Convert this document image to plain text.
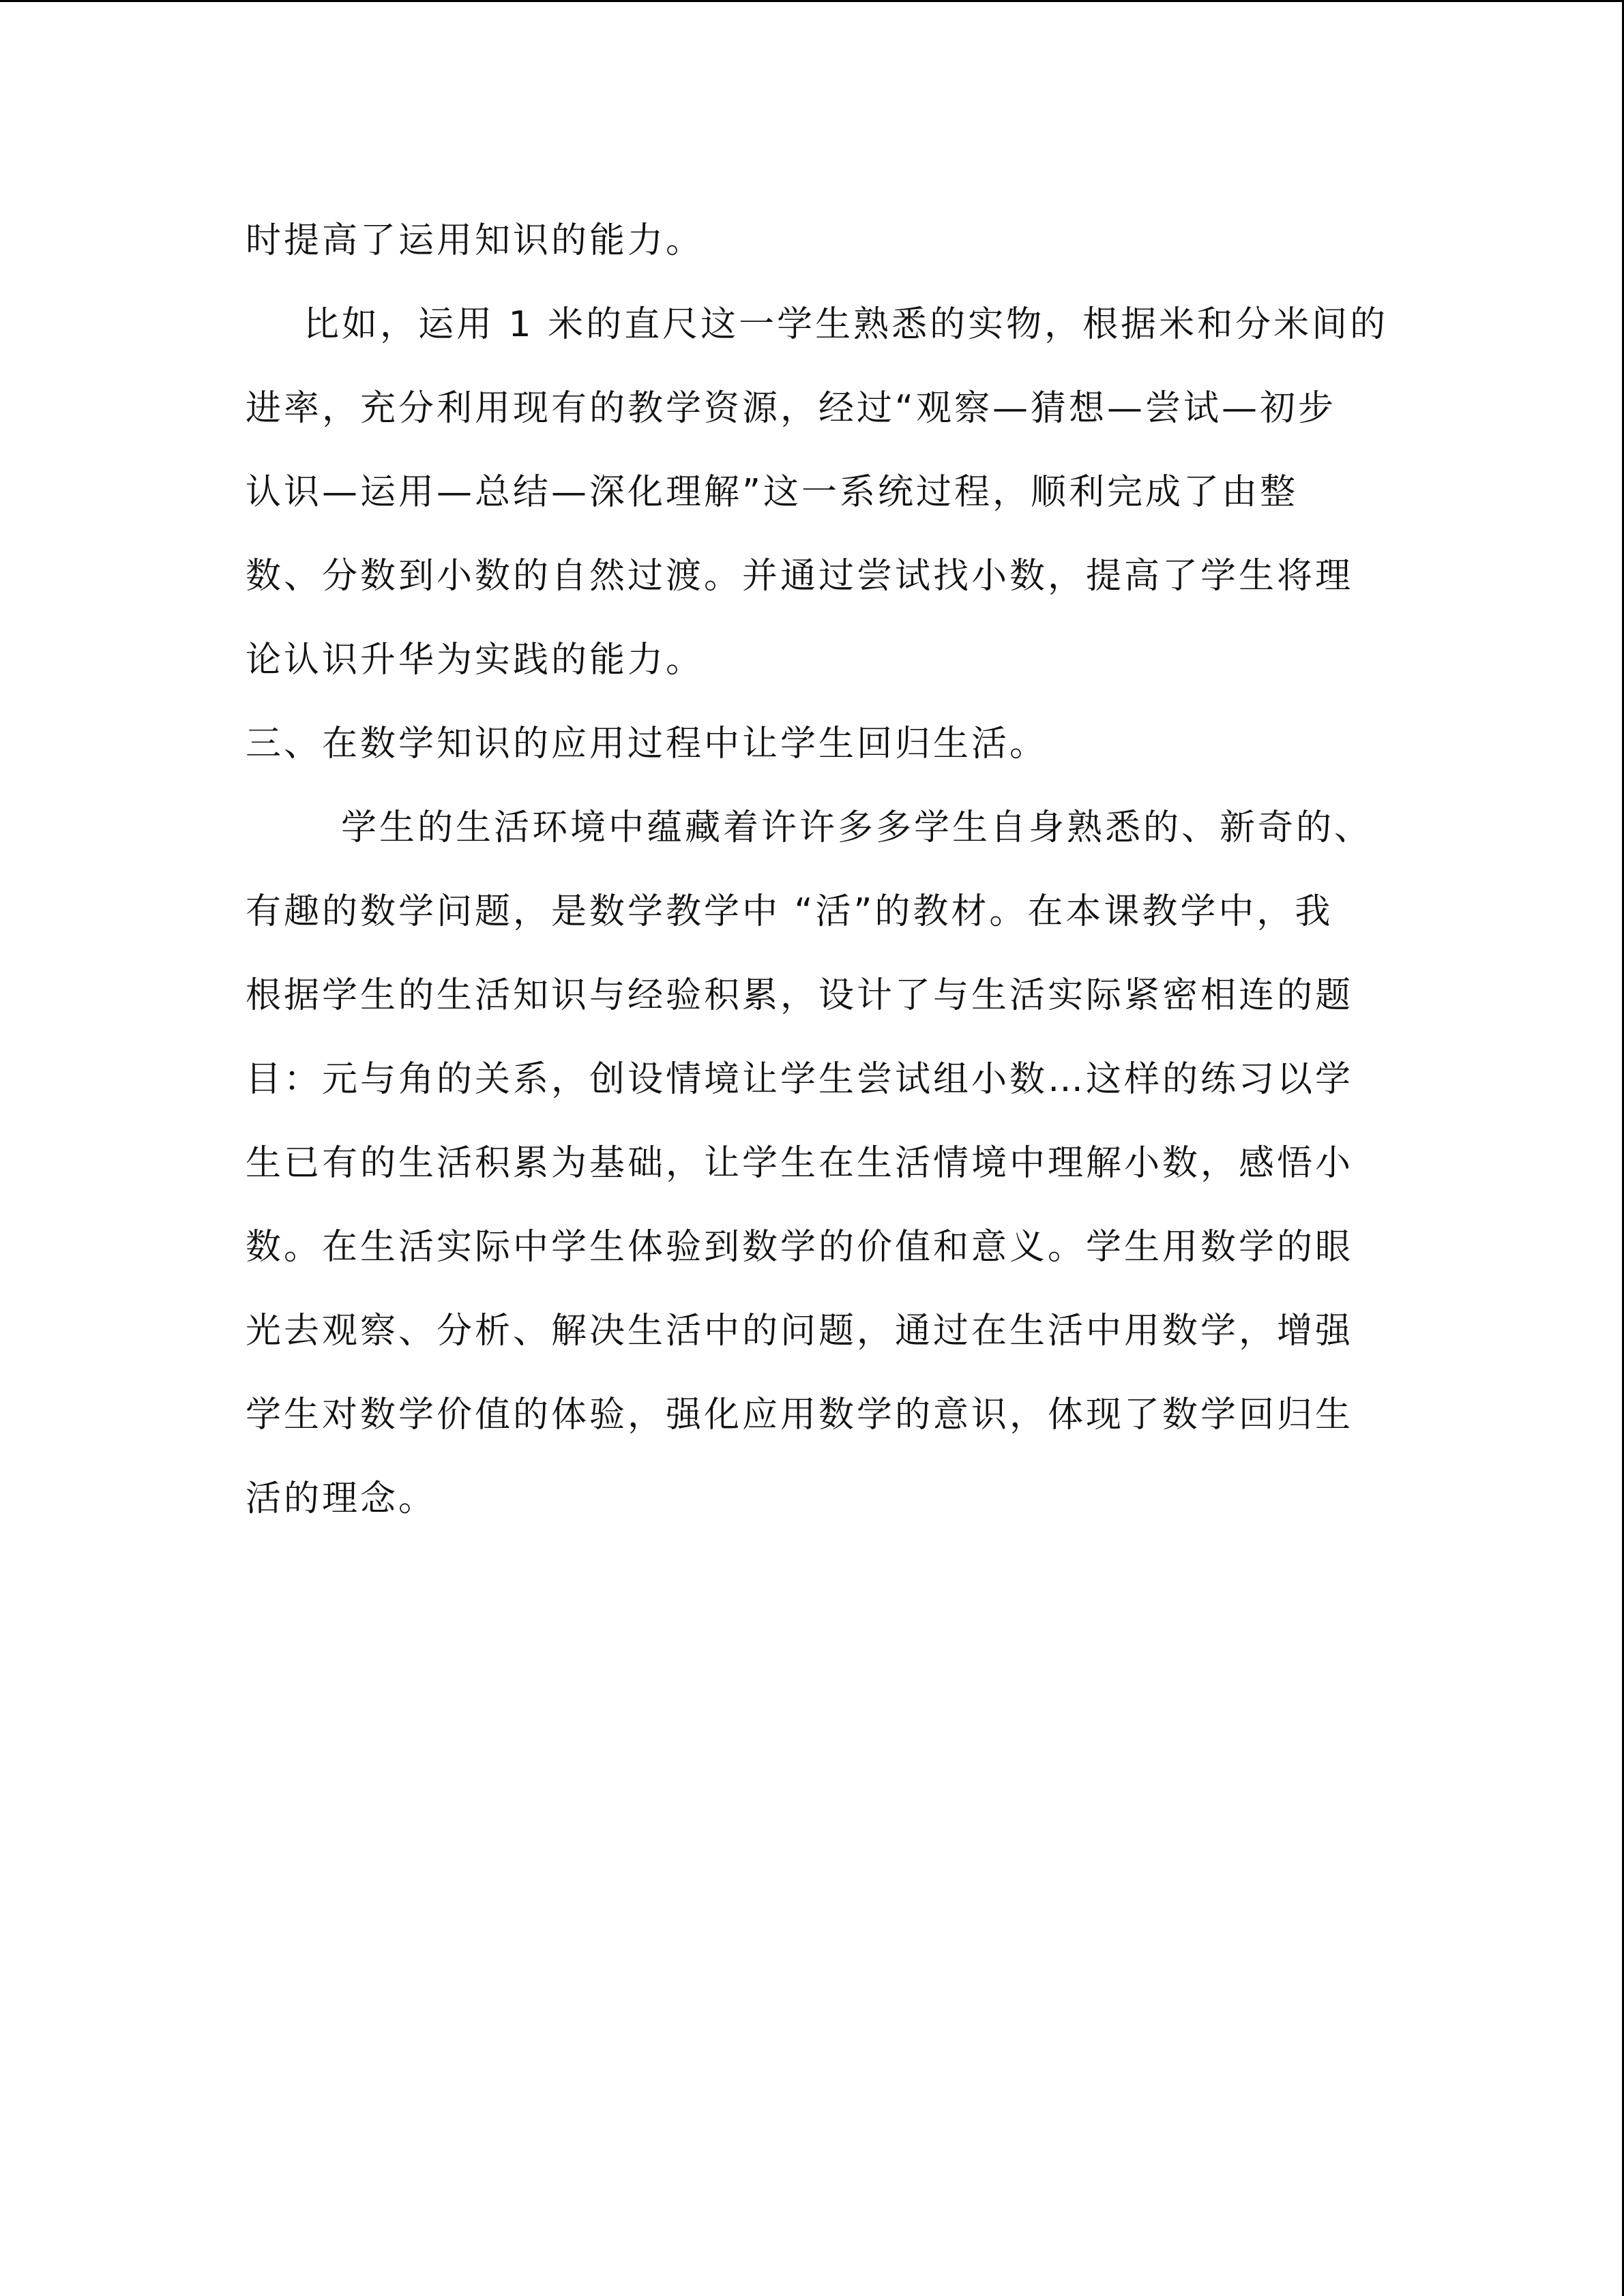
时提高了运用知识的能力。

比如，运用 1 米的直尺这一学生熟悉的实物，根据米和分米间的

进率，充分利用现有的教学资源，经过“观察—猜想—尝试—初步

认识—运用—总结—深化理解”这一系统过程，顺利完成了由整

数、分数到小数的自然过渡。并通过尝试找小数，提高了学生将理

论认识升华为实践的能力。

三、在数学知识的应用过程中让学生回归生活。

学生的生活环境中蕴藏着许许多多学生自身熟悉的、新奇的、

有趣的数学问题，是数学教学中 “活”的教材。在本课教学中，我

根据学生的生活知识与经验积累，设计了与生活实际紧密相连的题

目：元与角的关系，创设情境让学生尝试组小数…这样的练习以学

生已有的生活积累为基础，让学生在生活情境中理解小数，感悟小

数。在生活实际中学生体验到数学的价值和意义。学生用数学的眼

光去观察、分析、解决生活中的问题，通过在生活中用数学，增强

学生对数学价值的体验，强化应用数学的意识，体现了数学回归生

活的理念。
